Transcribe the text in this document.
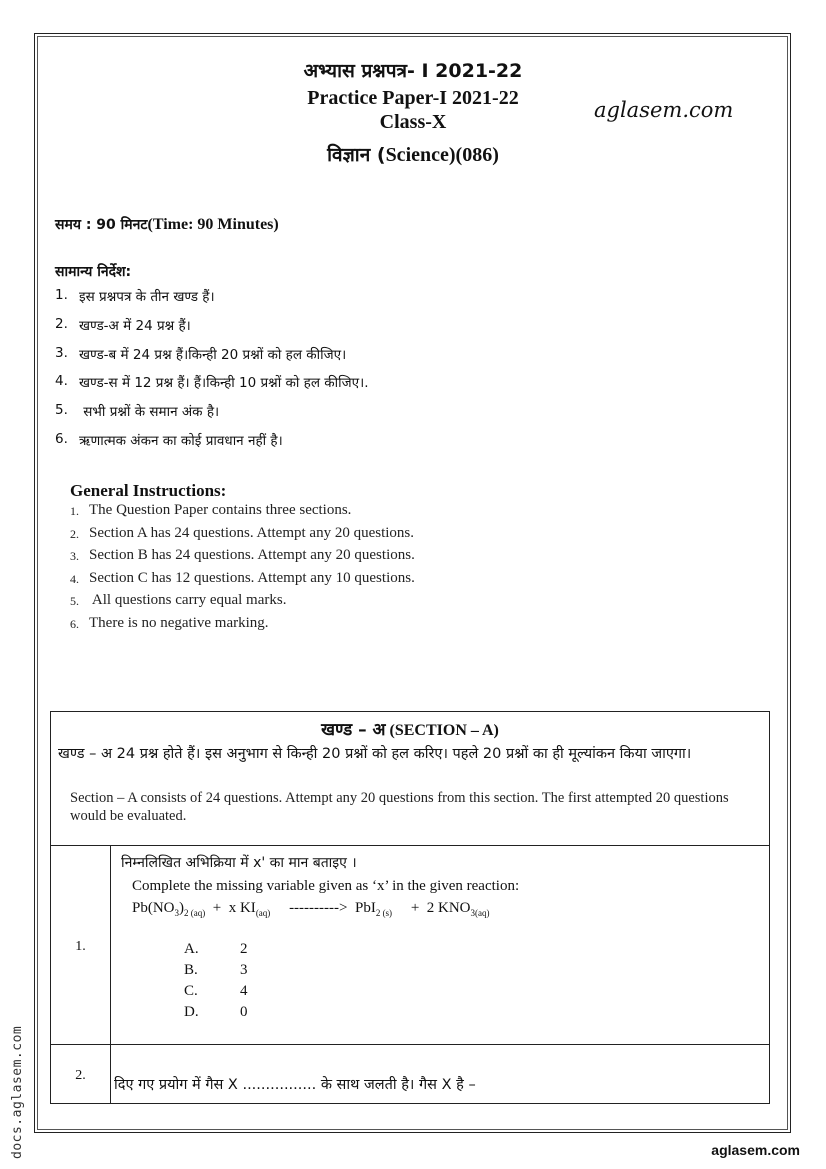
अभ्यास प्रश्नपत्र- I 2021-22
Practice Paper-I 2021-22
Class-X
विज्ञान (Science)(086)
aglasem.com
समय : 90 मिनट(Time: 90 Minutes)
सामान्य निर्देश:
1. इस प्रश्नपत्र के तीन खण्ड हैं।
2. खण्ड-अ में 24 प्रश्न हैं।
3. खण्ड-ब में 24 प्रश्न हैं।किन्ही 20 प्रश्नों को हल कीजिए।
4. खण्ड-स में 12 प्रश्न हैं। हैं।किन्ही 10 प्रश्नों को हल कीजिए।.
5. सभी प्रश्नों के समान अंक है।
6. ऋणात्मक अंकन का कोई प्रावधान नहीं है।
General Instructions:
1. The Question Paper contains three sections.
2. Section A has 24 questions. Attempt any 20 questions.
3. Section B has 24 questions. Attempt any 20 questions.
4. Section C has 12 questions. Attempt any 10 questions.
5. All questions carry equal marks.
6. There is no negative marking.
खण्ड – अ (SECTION – A)
खण्ड – अ 24 प्रश्न होते हैं। इस अनुभाग से किन्ही 20 प्रश्नों को हल करिए। पहले 20 प्रश्नों का ही मूल्यांकन किया जाएगा।
Section – A consists of 24 questions. Attempt any 20 questions from this section. The first attempted 20 questions would be evaluated.
1.
निम्नलिखित अभिक्रिया में x' का मान बताइए ।
Complete the missing variable given as ‘x’ in the given reaction:
$Pb(NO_3)_{2 (aq)} + x$ $KI_{(aq)}$     ---------->  PbI$_{2 (s)}$     +  2 $KNO_{3(aq)}$
A.	2
B.	3
C.	4
D.	0
2.
दिए गए प्रयोग में गैस X ................ के साथ जलती है। गैस X है –
docs.aglasem.com	aglasem.com
